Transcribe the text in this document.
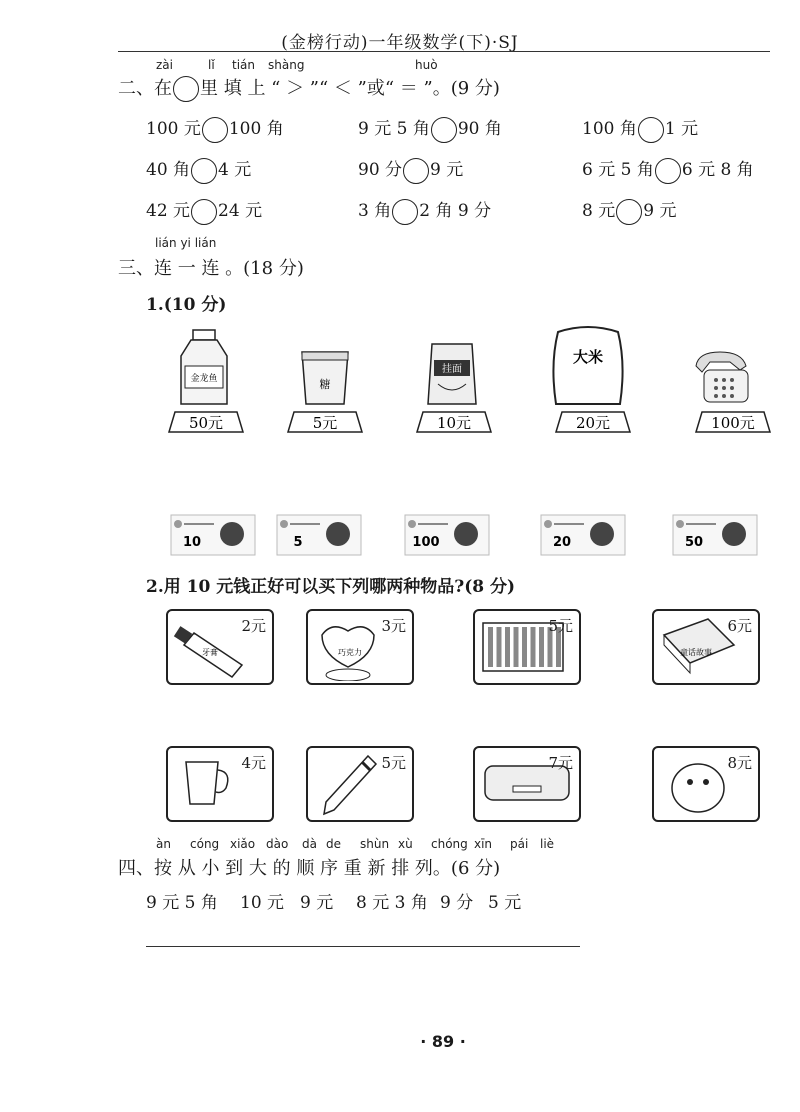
(金榜行动)一年级数学(下)·SJ
zài	lǐ tián shàng	huò
二、在 里 填 上 “ ＞ ”“ ＜ ”或“ ＝ ”。(9 分)
lián yi lián
三、连 一 连 。(18 分)
1.(10 分)
金龙鱼	糖
挂面
大米
2.用 10 元钱正好可以买下列哪两种物品?(8 分)
四、按 从 小 到 大 的 顺 序 重 新 排 列。(6 分)
· 89 ·
100 元 100 角	9 元 5 角 90 角	100 角 1 元
40 角 4 元	90 分 9 元	6 元 5 角 6 元 8 角
42 元 24 元	3 角 2 角 9 分	8 元 9 元
50元	5元	10元	20元	100元
10	5	100	20	50
牙膏
2元
巧克力
3元	5元
童话故事
6元
4元	5元	7元	8元
àn cóng xiǎo dào dà de shùn xù chóng xīn pái liè
9 元 5 角 10 元 9 元 8 元 3 角 9 分 5 元
